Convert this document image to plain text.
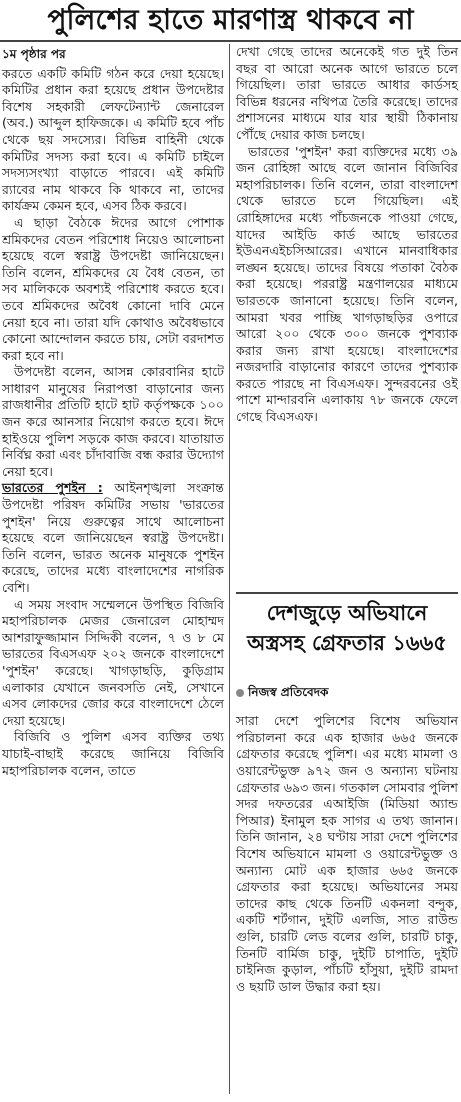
পুলিশের হাতে মারণাস্ত্র থাকবে না
১ম পৃষ্ঠার পর

করতে একটি কমিটি গঠন করে দেয়া হয়েছে। কমিটির প্রধান করা হয়েছে প্রধান উপদেষ্টার বিশেষ সহকারী লেফটেন্যান্ট জেনারেল (অব.) আব্দুল হাফিজকে। এ কমিটি হবে পাঁচ থেকে ছয় সদস্যের। বিভিন্ন বাহিনী থেকে কমিটির সদস্য করা হবে। এ কমিটি চাইলে সদস্যসংখ্যা বাড়াতে পারবে। এই কমিটি র‍্যাবের নাম থাকবে কি থাকবে না, তাদের কার্যক্রম কেমন হবে, এসব ঠিক করবে।

এ ছাড়া বৈঠকে ঈদের আগে পোশাক শ্রমিকদের বেতন পরিশোধ নিয়েও আলোচনা হয়েছে বলে স্বরাষ্ট্র উপদেষ্টা জানিয়েছেন। তিনি বলেন, শ্রমিকদের যে বৈধ বেতন, তা সব মালিককে অবশ্যই পরিশোধ করতে হবে। তবে শ্রমিকদের অবৈধ কোনো দাবি মেনে নেয়া হবে না। তারা যদি কোথাও অবৈধভাবে কোনো আন্দোলন করতে চায়, সেটা বরদাশত করা হবে না।

উপদেষ্টা বলেন, আসন্ন কোরবানির হাটে সাধারণ মানুষের নিরাপত্তা বাড়ানোর জন্য রাজধানীর প্রতিটি হাটে হাট কর্তৃপক্ষকে ১০০ জন করে আনসার নিয়োগ করতে হবে। ঈদে হাইওয়ে পুলিশ সড়কে কাজ করবে। যাতায়াত নির্বিঘ্ন করা এবং চাঁদাবাজি বন্ধ করার উদ্যোগ নেয়া হবে।

ভারতের পুশইন : আইনশৃঙ্খলা সংক্রান্ত উপদেষ্টা পরিষদ কমিটির সভায় 'ভারতের পুশইন' নিয়ে গুরুত্বের সাথে আলোচনা হয়েছে বলে জানিয়েছেন স্বরাষ্ট্র উপদেষ্টা। তিনি বলেন, ভারত অনেক মানুষকে পুশইন করেছে, তাদের মধ্যে বাংলাদেশের নাগরিক বেশি।

এ সময় সংবাদ সম্মেলনে উপস্থিত বিজিবি মহাপরিচালক মেজর জেনারেল মোহাম্মদ আশরাফুজ্জামান সিদ্দিকী বলেন, ৭ ও ৮ মে ভারতের বিএসএফ ২০২ জনকে বাংলাদেশে 'পুশইন' করেছে। খাগড়াছড়ি, কুড়িগ্রাম এলাকার যেখানে জনবসতি নেই, সেখানে এসব লোকদের জোর করে বাংলাদেশে ঠেলে দেয়া হয়েছে।

বিজিবি ও পুলিশ এসব ব্যক্তির তথ্য যাচাই-বাছাই করেছে জানিয়ে বিজিবি মহাপরিচালক বলেন, তাতে

দেখা গেছে তাদের অনেকেই গত দুই তিন বছর বা আরো অনেক আগে ভারতে চলে গিয়েছিল। তারা ভারতে আধার কার্ডসহ বিভিন্ন ধরনের নথিপত্র তৈরি করেছে। তাদের প্রশাসনের মাধ্যমে যার যার স্থায়ী ঠিকানায় পৌঁছে দেয়ার কাজ চলছে।

ভারতের 'পুশইন' করা ব্যক্তিদের মধ্যে ৩৯ জন রোহিঙ্গা আছে বলে জানান বিজিবির মহাপরিচালক। তিনি বলেন, তারা বাংলাদেশ থেকে ভারতে চলে গিয়েছিল। এই রোহিঙ্গাদের মধ্যে পাঁচজনকে পাওয়া গেছে, যাদের আইডি কার্ড আছে ভারতের ইউএনএইচসিআরের। এখানে মানবাধিকার লঙ্ঘন হয়েছে। তাদের বিষয়ে পতাকা বৈঠক করা হয়েছে। পররাষ্ট্র মন্ত্রণালয়ের মাধ্যমে ভারতকে জানানো হয়েছে। তিনি বলেন, আমরা খবর পাচ্ছি খাগড়াছড়ির ওপারে আরো ২০০ থেকে ৩০০ জনকে পুশব্যাক করার জন্য রাখা হয়েছে। বাংলাদেশের নজরদারি বাড়ানোর কারণে তাদের পুশব্যাক করতে পারছে না বিএসএফ। সুন্দরবনের ওই পাশে মান্দারবনি এলাকায় ৭৮ জনকে ফেলে গেছে বিএসএফ।

দেশজুড়ে অভিযানে অস্ত্রসহ গ্রেফতার ১৬৬৫
নিজস্ব প্রতিবেদক

সারা দেশে পুলিশের বিশেষ অভিযান পরিচালনা করে এক হাজার ৬৬৫ জনকে গ্রেফতার করেছে পুলিশ। এর মধ্যে মামলা ও ওয়ারেন্টভুক্ত ৯৭২ জন ও অন্যান্য ঘটনায় গ্রেফতার ৬৯৩ জন। গতকাল সোমবার পুলিশ সদর দফতরের এআইজি (মিডিয়া অ্যান্ড পিআর) ইনামুল হক সাগর এ তথ্য জানান। তিনি জানান, ২৪ ঘণ্টায় সারা দেশে পুলিশের বিশেষ অভিযানে মামলা ও ওয়ারেন্টভুক্ত ও অন্যান্য মোট এক হাজার ৬৬৫ জনকে গ্রেফতার করা হয়েছে। অভিযানের সময় তাদের কাছ থেকে তিনটি একনলা বন্দুক, একটি শর্টগান, দুইটি এলজি, সাত রাউন্ড গুলি, চারটি লেড বলের গুলি, চারটি চাকু, তিনটি বার্মিজ চাকু, দুইটি চাপাতি, দুইটি চাইনিজ কুড়াল, পাঁচটি হাঁসুয়া, দুইটি রামদা ও ছয়টি ডাল উদ্ধার করা হয়।
